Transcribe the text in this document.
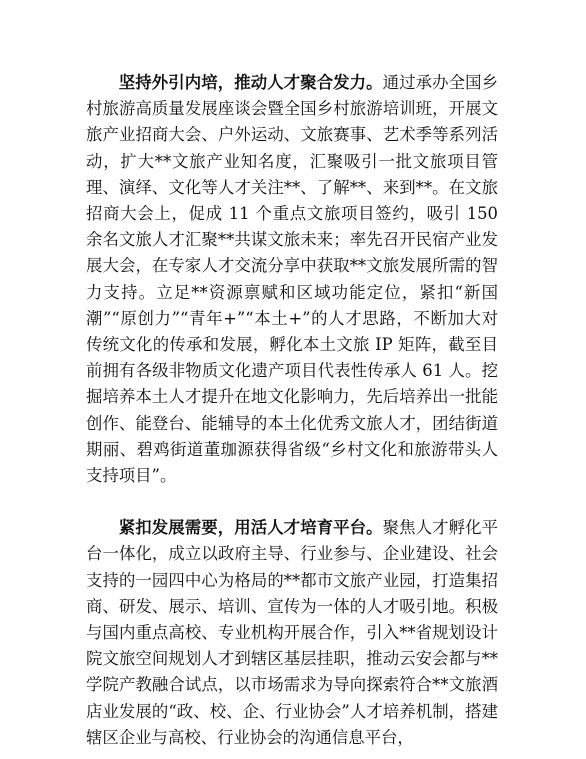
坚持外引内培，推动人才聚合发力。通过承办全国乡村旅游高质量发展座谈会暨全国乡村旅游培训班，开展文旅产业招商大会、户外运动、文旅赛事、艺术季等系列活动，扩大**文旅产业知名度，汇聚吸引一批文旅项目管理、演绎、文化等人才关注**、了解**、来到**。在文旅招商大会上，促成 11 个重点文旅项目签约，吸引 150 余名文旅人才汇聚**共谋文旅未来；率先召开民宿产业发展大会，在专家人才交流分享中获取**文旅发展所需的智力支持。立足**资源禀赋和区域功能定位，紧扣“新国潮”“原创力”“青年+”“本土+”的人才思路，不断加大对传统文化的传承和发展，孵化本土文旅 IP 矩阵，截至目前拥有各级非物质文化遗产项目代表性传承人 61 人。挖掘培养本土人才提升在地文化影响力，先后培养出一批能创作、能登台、能辅导的本土化优秀文旅人才，团结街道期丽、碧鸡街道董珈源获得省级“乡村文化和旅游带头人支持项目”。

紧扣发展需要，用活人才培育平台。聚焦人才孵化平台一体化，成立以政府主导、行业参与、企业建设、社会支持的一园四中心为格局的**都市文旅产业园，打造集招商、研发、展示、培训、宣传为一体的人才吸引地。积极与国内重点高校、专业机构开展合作，引入**省规划设计院文旅空间规划人才到辖区基层挂职，推动云安会都与**学院产教融合试点，以市场需求为导向探索符合**文旅酒店业发展的“政、校、企、行业协会”人才培养机制，搭建辖区企业与高校、行业协会的沟通信息平台，
